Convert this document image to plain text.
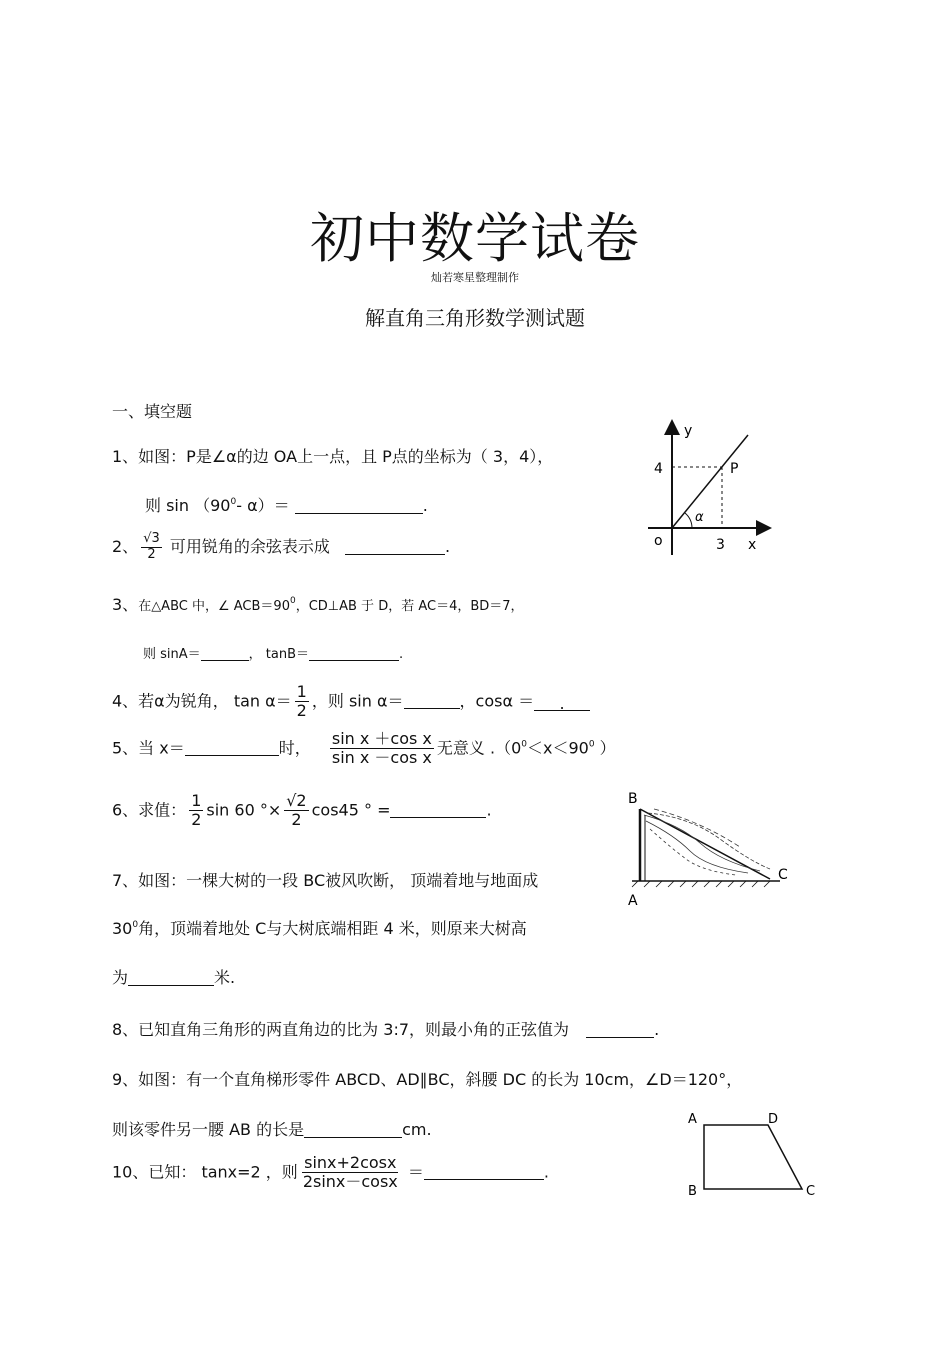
初中数学试卷
灿若寒星整理制作
解直角三角形数学测试题
一、填空题
1、如图：P是∠α的边 OA上一点，且 P点的坐标为（ 3，4），
则 $\sin (90^0-$ α）＝	.
2、 $\frac{√3}{2}$ 可用锐角的余弦表示成	.
3、在△ABC 中，∠ $ACB=90^0$，CD⊥AB 于 D，若 AC＝4，BD＝7，
则 sinA＝	， tanB＝	.
4、若α为锐角， $\tan \alpha= \frac{1}{2}$ ，则 sin α＝	，cosα ＝ .
5、当 x＝	时， $\frac{\text{sin x ＋cos x}}{\text{sin x －cos x}}$ 无意义 $.(0^0<x<90^0$ ）
6、求值： $\frac{1}{2}$ sin 60 °× $\frac{√2}{2} \cos 45$ ° =	.
7、如图：一棵大树的一段 BC被风吹断， 顶端着地与地面成
$30^0$角，顶端着地处 C与大树底端相距 4 米，则原来大树高
为	米.
8、已知直角三角形的两直角边的比为 3:7，则最小角的正弦值为	.
9、如图：有一个直角梯形零件 ABCD、AD∥BC，斜腰 DC 的长为 10cm，∠D＝120°，
则该零件另一腰 AB 的长是	cm.
10、已知： tanx=2 ，则 $\frac{\sin x+2\cos x}{2\sin x-\cos x}$ ＝	.
y
x
o
P
4
3
α
B
A
C
A	D
B	C
